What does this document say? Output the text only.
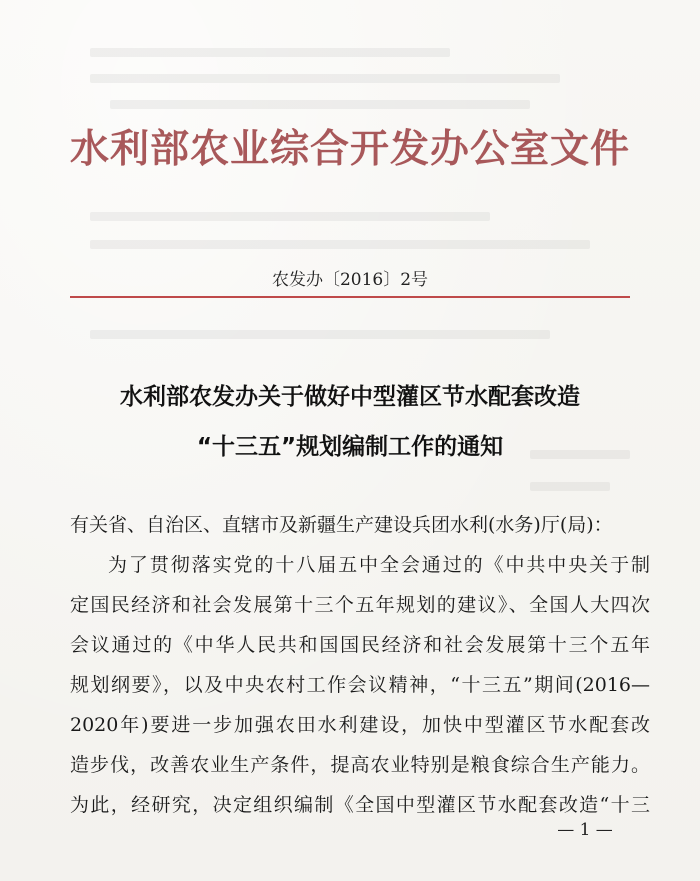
水利部农业综合开发办公室文件
农发办〔2016〕2号
水利部农发办关于做好中型灌区节水配套改造
“十三五”规划编制工作的通知
有关省、自治区、直辖市及新疆生产建设兵团水利(水务)厅(局)：
为了贯彻落实党的十八届五中全会通过的《中共中央关于制
定国民经济和社会发展第十三个五年规划的建议》、全国人大四次
会议通过的《中华人民共和国国民经济和社会发展第十三个五年
规划纲要》，以及中央农村工作会议精神，“十三五”期间(2016—
2020年)要进一步加强农田水利建设，加快中型灌区节水配套改
造步伐，改善农业生产条件，提高农业特别是粮食综合生产能力。
为此，经研究，决定组织编制《全国中型灌区节水配套改造“十三
— 1 —
